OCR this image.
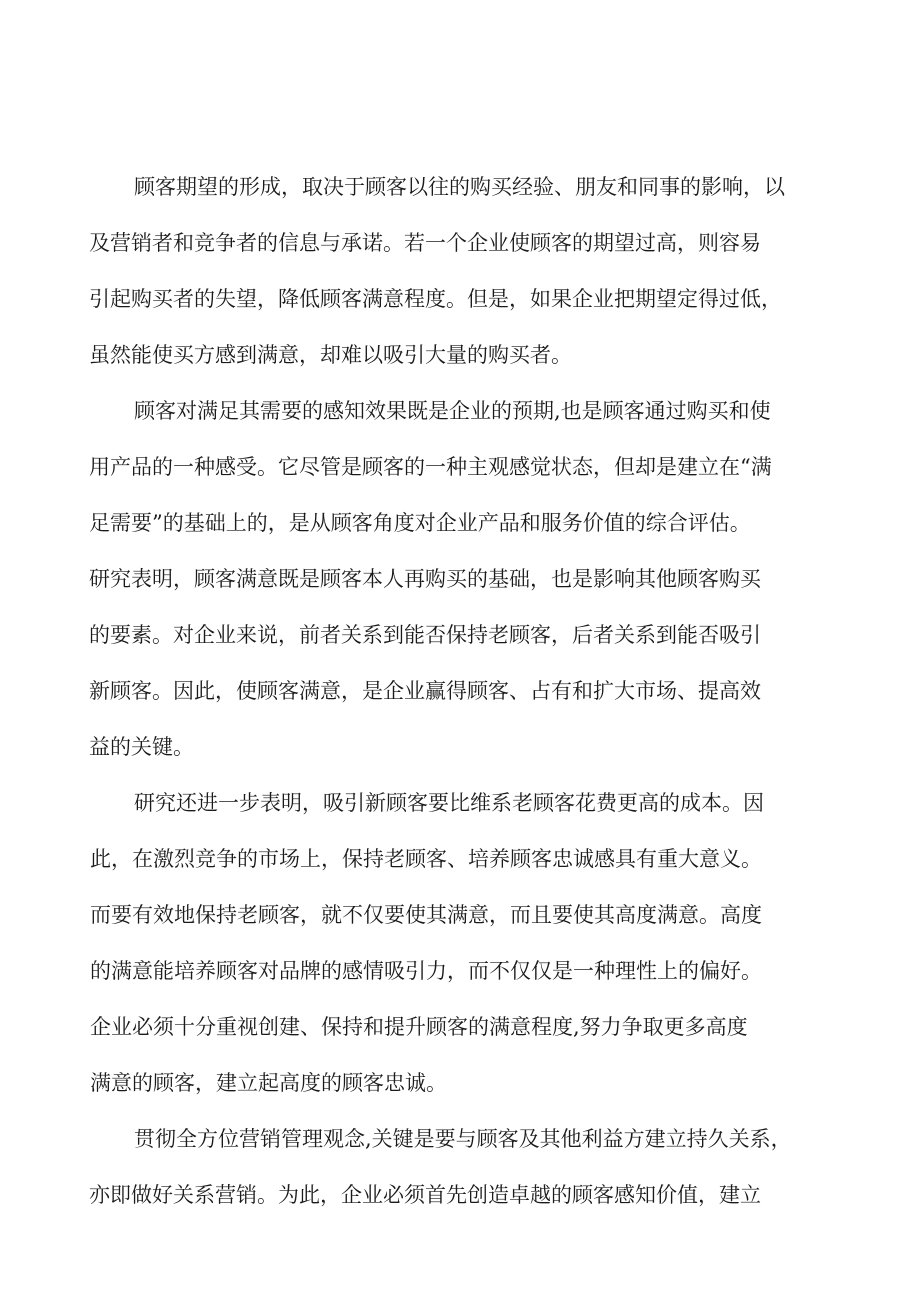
顾客期望的形成，取决于顾客以往的购买经验、朋友和同事的影响，以

及营销者和竞争者的信息与承诺。若一个企业使顾客的期望过高，则容易

引起购买者的失望，降低顾客满意程度。但是，如果企业把期望定得过低，

虽然能使买方感到满意，却难以吸引大量的购买者。

顾客对满足其需要的感知效果既是企业的预期,也是顾客通过购买和使

用产品的一种感受。它尽管是顾客的一种主观感觉状态，但却是建立在“满

足需要”的基础上的，是从顾客角度对企业产品和服务价值的综合评估。

研究表明，顾客满意既是顾客本人再购买的基础，也是影响其他顾客购买

的要素。对企业来说，前者关系到能否保持老顾客，后者关系到能否吸引

新顾客。因此，使顾客满意，是企业赢得顾客、占有和扩大市场、提高效

益的关键。

研究还进一步表明，吸引新顾客要比维系老顾客花费更高的成本。因

此，在激烈竞争的市场上，保持老顾客、培养顾客忠诚感具有重大意义。

而要有效地保持老顾客，就不仅要使其满意，而且要使其高度满意。高度

的满意能培养顾客对品牌的感情吸引力，而不仅仅是一种理性上的偏好。

企业必须十分重视创建、保持和提升顾客的满意程度,努力争取更多高度

满意的顾客，建立起高度的顾客忠诚。

贯彻全方位营销管理观念,关键是要与顾客及其他利益方建立持久关系，

亦即做好关系营销。为此，企业必须首先创造卓越的顾客感知价值，建立
